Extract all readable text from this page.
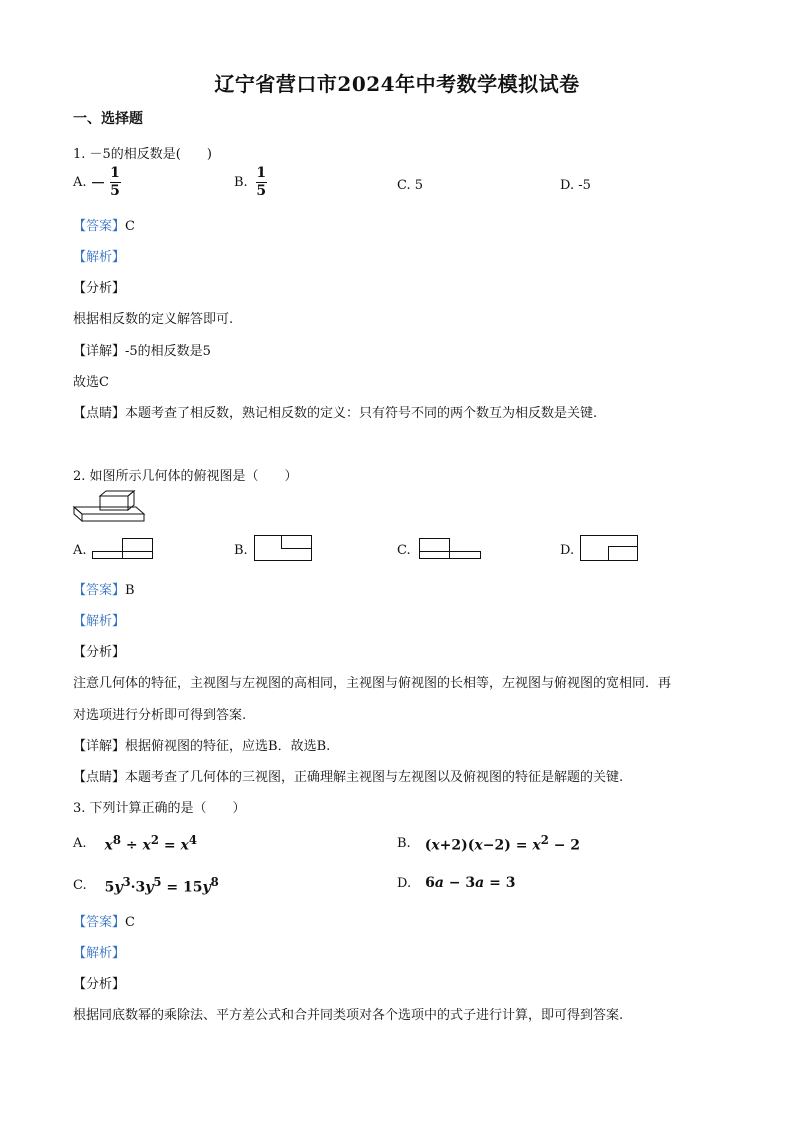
辽宁省营口市2024年中考数学模拟试卷
一、选择题
1. －5的相反数是(　　)
A. － $\frac{1}{5}$	B. $\frac{1}{5}$	C. 5	D. -5
【答案】C
【解析】
【分析】
根据相反数的定义解答即可.
【详解】-5的相反数是5
故选C
【点睛】本题考查了相反数，熟记相反数的定义：只有符号不同的两个数互为相反数是关键.
2. 如图所示几何体的俯视图是（　　）
A.	B.	C.	D.
【答案】B
【解析】
【分析】
注意几何体的特征，主视图与左视图的高相同，主视图与俯视图的长相等，左视图与俯视图的宽相同．再
对选项进行分析即可得到答案.
【详解】根据俯视图的特征，应选B．故选B.
【点睛】本题考查了几何体的三视图，正确理解主视图与左视图以及俯视图的特征是解题的关键.
3. 下列计算正确的是（　　）
A. $x^8 \div x^2 = x^4$	B. $(x+2)(x-2) = x^2 - 2$
C. $5y^3\cdot 3y^5 = 15y^8$	D. 6a − 3a = 3
【答案】C
【解析】
【分析】
根据同底数幂的乘除法、平方差公式和合并同类项对各个选项中的式子进行计算，即可得到答案.
